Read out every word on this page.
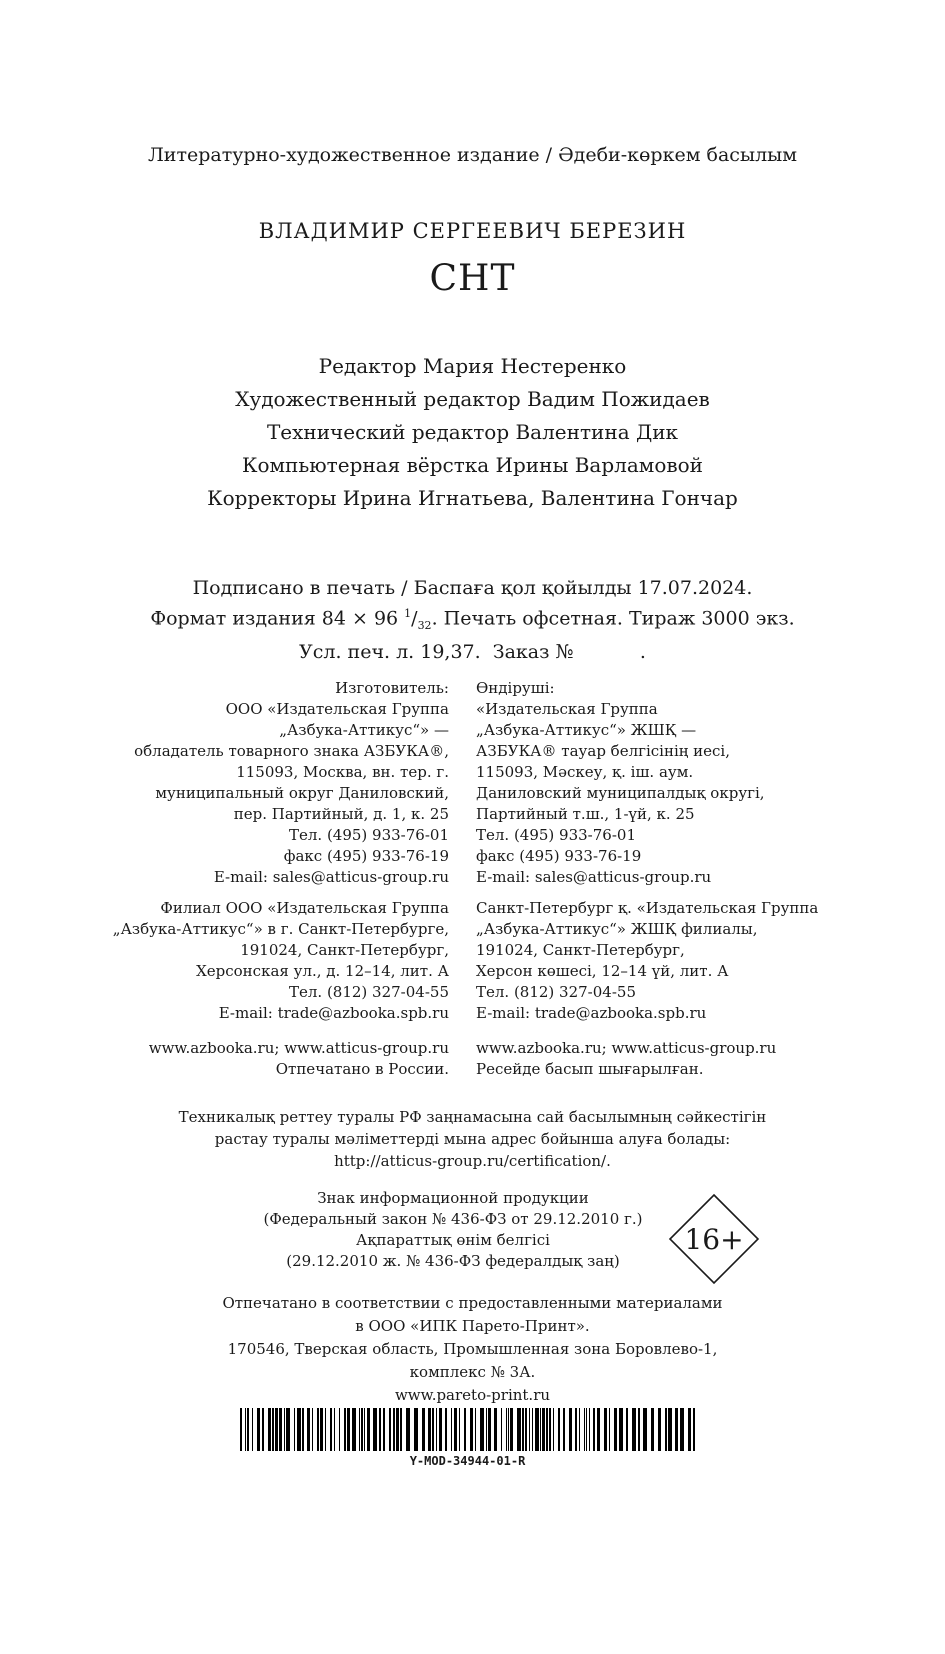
Литературно-художественное издание / Әдеби-көркем басылым
ВЛАДИМИР СЕРГЕЕВИЧ БЕРЕЗИН
СНТ
Редактор Мария Нестеренко
Художественный редактор Вадим Пожидаев
Технический редактор Валентина Дик
Компьютерная вёрстка Ирины Варламовой
Корректоры Ирина Игнатьева, Валентина Гончар
Подписано в печать / Баспаға қол қойылды 17.07.2024.
Формат издания 84 × 96 $^1/_{32}$. Печать офсетная. Тираж 3000 экз.
Усл. печ. л. 19,37.  Заказ №           .
Изготовитель:
ООО «Издательская Группа
„Азбука-Аттикус“» —
обладатель товарного знака АЗБУКА®,
115093, Москва, вн. тер. г.
муниципальный округ Даниловский,
пер. Партийный, д. 1, к. 25
Тел. (495) 933-76-01
факс (495) 933-76-19
E-mail: sales@atticus-group.ru
Өндіруші:
«Издательская Группа
„Азбука-Аттикус“» ЖШҚ —
АЗБУКА® тауар белгісінің иесі,
115093, Мәскеу, қ. іш. аум.
Даниловский муниципалдық округі,
Партийный т.ш., 1-үй, к. 25
Тел. (495) 933-76-01
факс (495) 933-76-19
E-mail: sales@atticus-group.ru
Филиал ООО «Издательская Группа
„Азбука-Аттикус“» в г. Санкт-Петербурге,
191024, Санкт-Петербург,
Херсонская ул., д. 12–14, лит. А
Тел. (812) 327-04-55
E-mail: trade@azbooka.spb.ru
Санкт-Петербург қ. «Издательская Группа
„Азбука-Аттикус“» ЖШҚ филиалы,
191024, Санкт-Петербург,
Херсон көшесі, 12–14 үй, лит. А
Тел. (812) 327-04-55
E-mail: trade@azbooka.spb.ru
www.azbooka.ru; www.atticus-group.ru
Отпечатано в России.
www.azbooka.ru; www.atticus-group.ru
Ресейде басып шығарылған.
Техникалық реттеу туралы РФ заңнамасына сай басылымның сәйкестігін
растау туралы мәліметтерді мына адрес бойынша алуға болады:
http://atticus-group.ru/certification/.
Знак информационной продукции
(Федеральный закон № 436-ФЗ от 29.12.2010 г.)
Ақпараттық өнім белгісі
(29.12.2010 ж. № 436-ФЗ федералдық заң)
16+
Отпечатано в соответствии с предоставленными материалами
в ООО «ИПК Парето-Принт».
170546, Тверская область, Промышленная зона Боровлево-1,
комплекс № 3А.
www.pareto-print.ru
Y-MOD-34944-01-R
